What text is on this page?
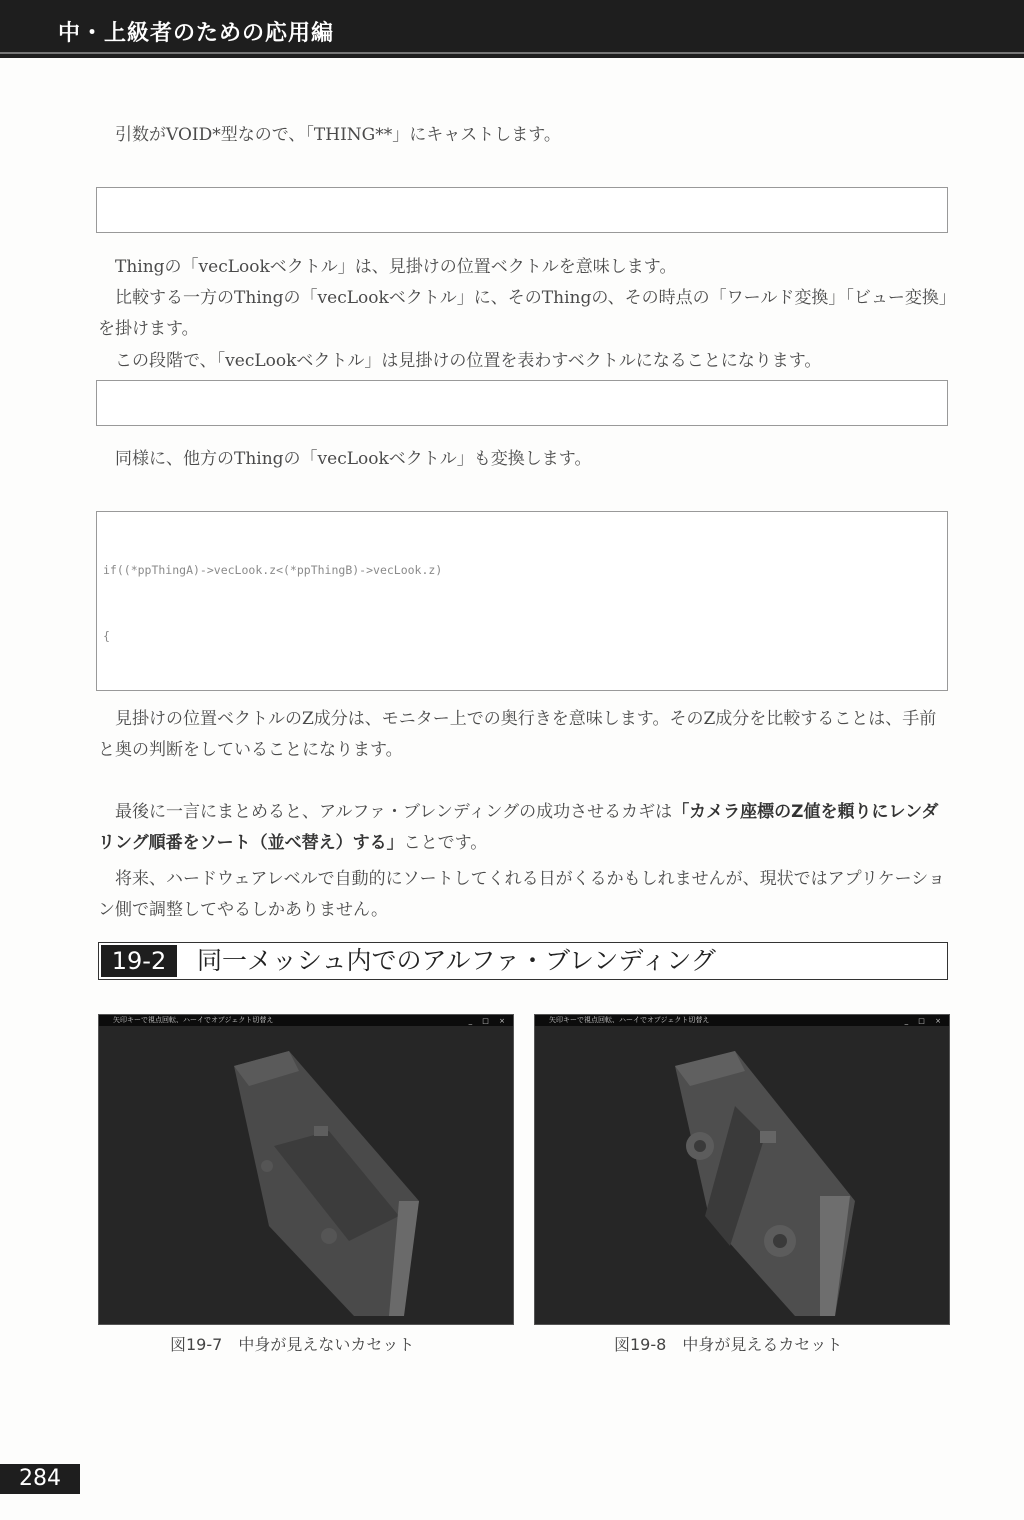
中・上級者のための応用編

引数がVOID*型なので、「THING**」にキャストします。

Thingの「vecLookベクトル」は、見掛けの位置ベクトルを意味します。

比較する一方のThingの「vecLookベクトル」に、そのThingの、その時点の「ワールド変換」「ビュー変換」を掛けます。

この段階で、「vecLookベクトル」は見掛けの位置を表わすベクトルになることになります。

同様に、他方のThingの「vecLookベクトル」も変換します。

if((*ppThingA)->vecLook.z<(*ppThingB)->vecLook.z)

{

見掛けの位置ベクトルのZ成分は、モニター上での奥行きを意味します。そのZ成分を比較することは、手前と奥の判断をしていることになります。

最後に一言にまとめると、アルファ・ブレンディングの成功させるカギは「カメラ座標のZ値を頼りにレンダリング順番をソート（並べ替え）する」ことです。

将来、ハードウェアレベルで自動的にソートしてくれる日がくるかもしれませんが、現状ではアプリケーション側で調整してやるしかありません。

19-2	同一メッシュ内でのアルファ・ブレンディング
矢印キーで視点回転、ハーイでオブジェクト切替え	_ □ ×
図19-7　中身が見えないカセット
矢印キーで視点回転、ハーイでオブジェクト切替え	_ □ ×
図19-8　中身が見えるカセット
284
